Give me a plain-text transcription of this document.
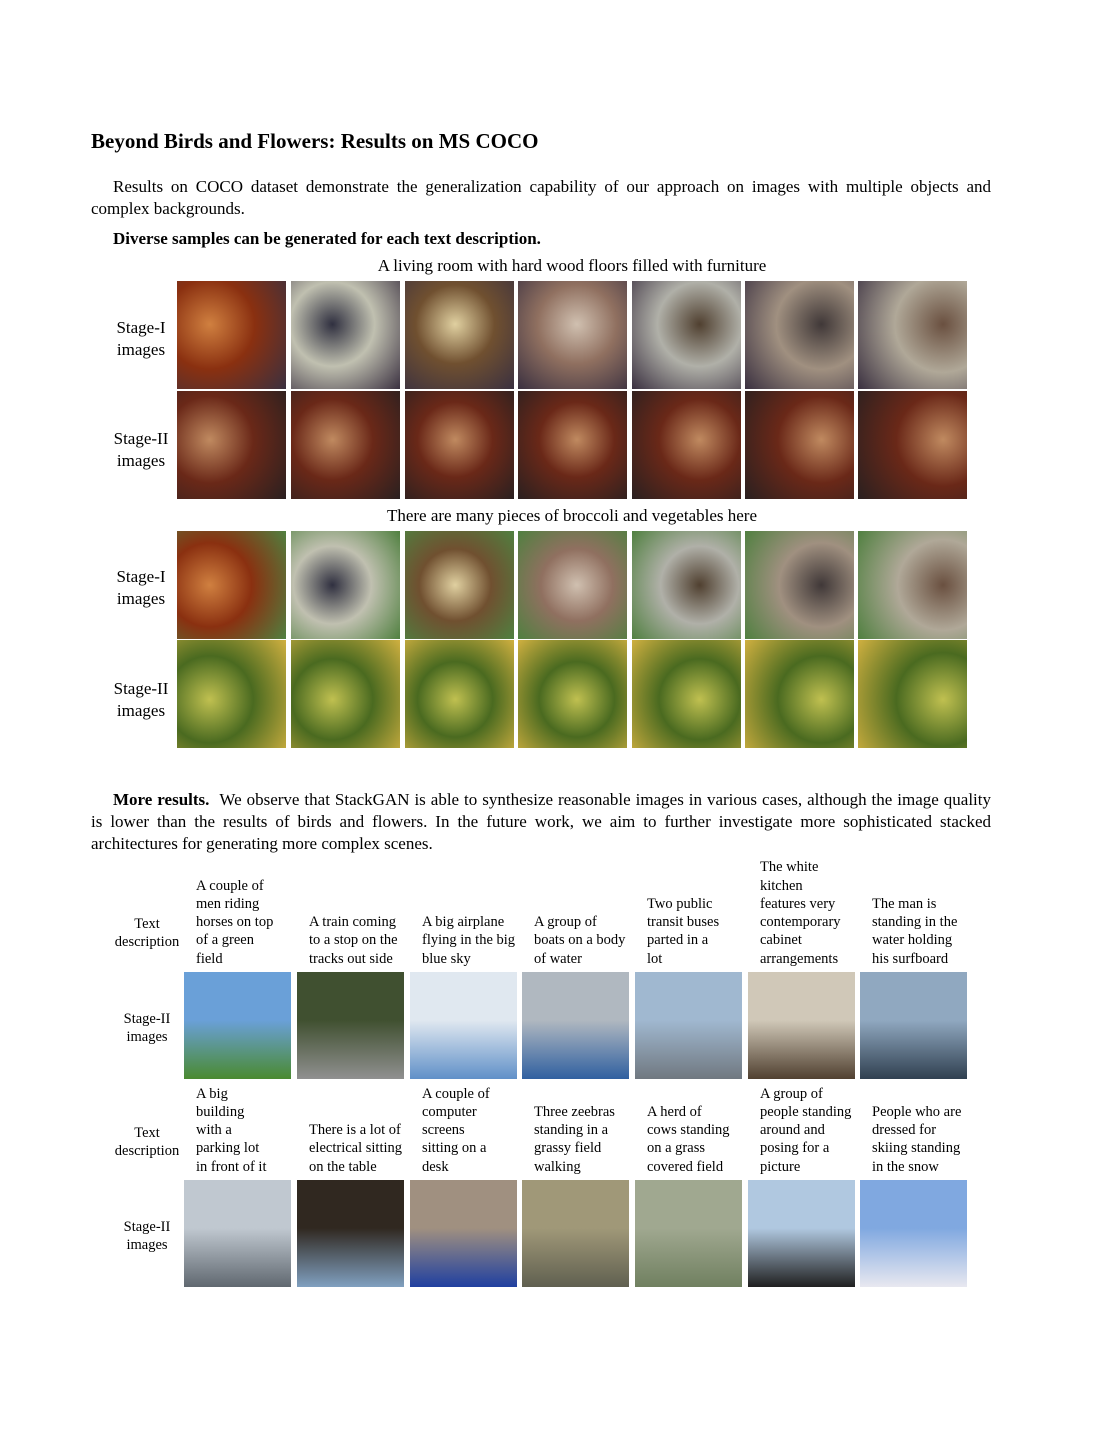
Beyond Birds and Flowers: Results on MS COCO
Results on COCO dataset demonstrate the generalization capability of our approach on images with multiple objects and complex backgrounds.
Diverse samples can be generated for each text description.
A living room with hard wood floors filled with furniture
Stage-I images
Stage-II images
There are many pieces of broccoli and vegetables here
Stage-I images
Stage-II images
More results. We observe that StackGAN is able to synthesize reasonable images in various cases, although the image quality is lower than the results of birds and flowers. In the future work, we aim to further investigate more sophisticated stacked architectures for generating more complex scenes.
Text
description
Stage-II
images
Text
description
Stage-II
images
A couple of
men riding
horses on top
of a green
field
A train coming
to a stop on the
tracks out side
A big airplane
flying in the big
blue sky
A group of
boats on a body
of water
Two public
transit buses
parted in a
lot
The white
kitchen
features very
contemporary
cabinet
arrangements
The man is
standing in the
water holding
his surfboard
A big
building
with a
parking lot
in front of it
There is a lot of
electrical sitting
on the table
A couple of
computer
screens
sitting on a
desk
Three zeebras
standing in a
grassy field
walking
A herd of
cows standing
on a grass
covered field
A group of
people standing
around and
posing for a
picture
People who are
dressed for
skiing standing
in the snow
